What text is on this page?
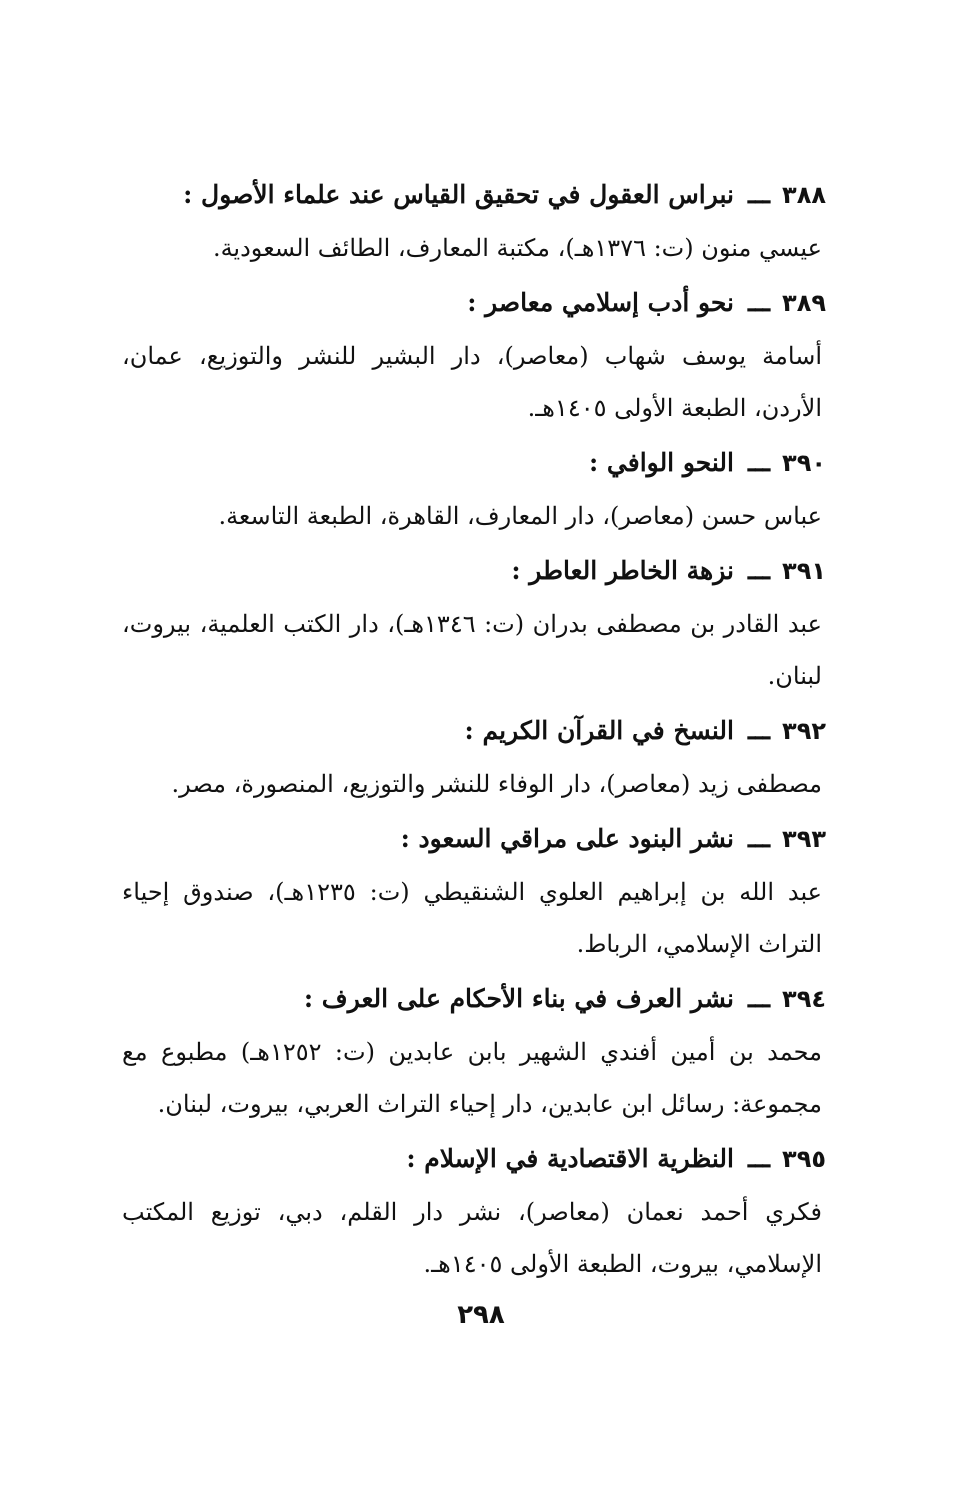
٣٨٨
ـــ
نبراس العقول في تحقيق القياس عند علماء الأصول :

عيسي منون (ت: ١٣٧٦هـ)، مكتبة المعارف، الطائف السعودية.

٣٨٩
ـــ
نحو أدب إسلامي معاصر :

أسامة يوسف شهاب (معاصر)، دار البشير للنشر والتوزيع، عمان، الأردن، الطبعة الأولى ١٤٠٥هـ.

٣٩٠
ـــ
النحو الوافي :

عباس حسن (معاصر)، دار المعارف، القاهرة، الطبعة التاسعة.

٣٩١
ـــ
نزهة الخاطر العاطر :

عبد القادر بن مصطفى بدران (ت: ١٣٤٦هـ)، دار الكتب العلمية، بيروت، لبنان.

٣٩٢
ـــ
النسخ في القرآن الكريم :

مصطفى زيد (معاصر)، دار الوفاء للنشر والتوزيع، المنصورة، مصر.

٣٩٣
ـــ
نشر البنود على مراقي السعود :

عبد الله بن إبراهيم العلوي الشنقيطي (ت: ١٢٣٥هـ)، صندوق إحياء التراث الإسلامي، الرباط.

٣٩٤
ـــ
نشر العرف في بناء الأحكام على العرف :

محمد بن أمين أفندي الشهير بابن عابدين (ت: ١٢٥٢هـ) مطبوع مع مجموعة: رسائل ابن عابدين، دار إحياء التراث العربي، بيروت، لبنان.

٣٩٥
ـــ
النظرية الاقتصادية في الإسلام :

فكري أحمد نعمان (معاصر)، نشر دار القلم، دبي، توزيع المكتب الإسلامي، بيروت، الطبعة الأولى ١٤٠٥هـ.

٢٩٨
